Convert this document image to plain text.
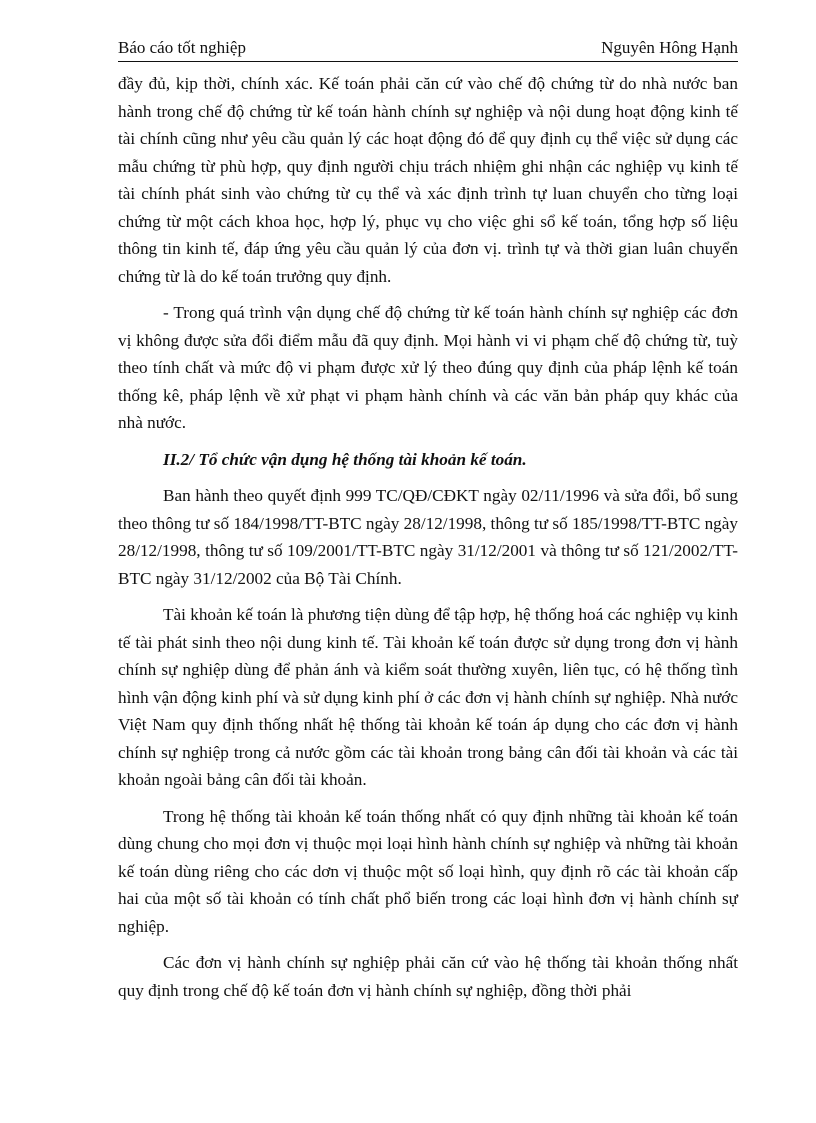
Báo cáo tốt nghiệp	Nguyên Hông Hạnh

đầy đủ, kịp thời, chính xác. Kế toán phải căn cứ vào chế độ chứng từ do nhà nước ban hành trong chế độ chứng từ kế toán hành chính sự nghiệp và nội dung hoạt động kinh tế tài chính cũng như yêu cầu quản lý các hoạt động đó để quy định cụ thể việc sử dụng các mẫu chứng từ phù hợp, quy định người chịu trách nhiệm ghi nhận các nghiệp vụ kinh tế tài chính phát sinh vào chứng từ cụ thể và xác định trình tự luan chuyển cho từng loại chứng từ một cách khoa học, hợp lý, phục vụ cho việc ghi sổ kế toán, tổng hợp số liệu thông tin kinh tế, đáp ứng yêu cầu quản lý của đơn vị. trình tự và thời gian luân chuyển chứng từ là do kế toán trưởng quy định.

- Trong quá trình vận dụng chế độ chứng từ kế toán hành chính sự nghiệp các đơn vị không được sửa đổi điểm mẫu đã quy định. Mọi hành vi vi phạm chế độ chứng từ, tuỳ theo tính chất và mức độ vi phạm được xử lý theo đúng quy định của pháp lệnh kế toán thống kê, pháp lệnh về xử phạt vi phạm hành chính và các văn bản pháp quy khác của nhà nước.

II.2/ Tổ chức vận dụng hệ thống tài khoản kế toán.

Ban hành theo quyết định 999 TC/QĐ/CĐKT ngày 02/11/1996 và sửa đổi, bổ sung theo thông tư số 184/1998/TT-BTC ngày 28/12/1998, thông tư số 185/1998/TT-BTC ngày 28/12/1998, thông tư số 109/2001/TT-BTC ngày 31/12/2001 và thông tư số 121/2002/TT-BTC ngày 31/12/2002 của Bộ Tài Chính.

Tài khoản kế toán là phương tiện dùng để tập hợp, hệ thống hoá các nghiệp vụ kinh tế tài phát sinh theo nội dung kinh tế. Tài khoản kế toán được sử dụng trong đơn vị hành chính sự nghiệp dùng để phản ánh và kiểm soát thường xuyên, liên tục, có hệ thống tình hình vận động kinh phí và sử dụng kinh phí ở các đơn vị hành chính sự nghiệp. Nhà nước Việt Nam quy định thống nhất hệ thống tài khoản kế toán áp dụng cho các đơn vị hành chính sự nghiệp trong cả nước gồm các tài khoản trong bảng cân đối tài khoản và các tài khoản ngoài bảng cân đối tài khoản.

Trong hệ thống tài khoản kế toán thống nhất có quy định những tài khoản kế toán dùng chung cho mọi đơn vị thuộc mọi loại hình hành chính sự nghiệp và những tài khoản kế toán dùng riêng cho các dơn vị thuộc một số loại hình, quy định rõ các tài khoản cấp hai của một số tài khoản có tính chất phổ biến trong các loại hình đơn vị hành chính sự nghiệp.

Các đơn vị hành chính sự nghiệp phải căn cứ vào hệ thống tài khoản thống nhất quy định trong chế độ kế toán đơn vị hành chính sự nghiệp, đồng thời phải
